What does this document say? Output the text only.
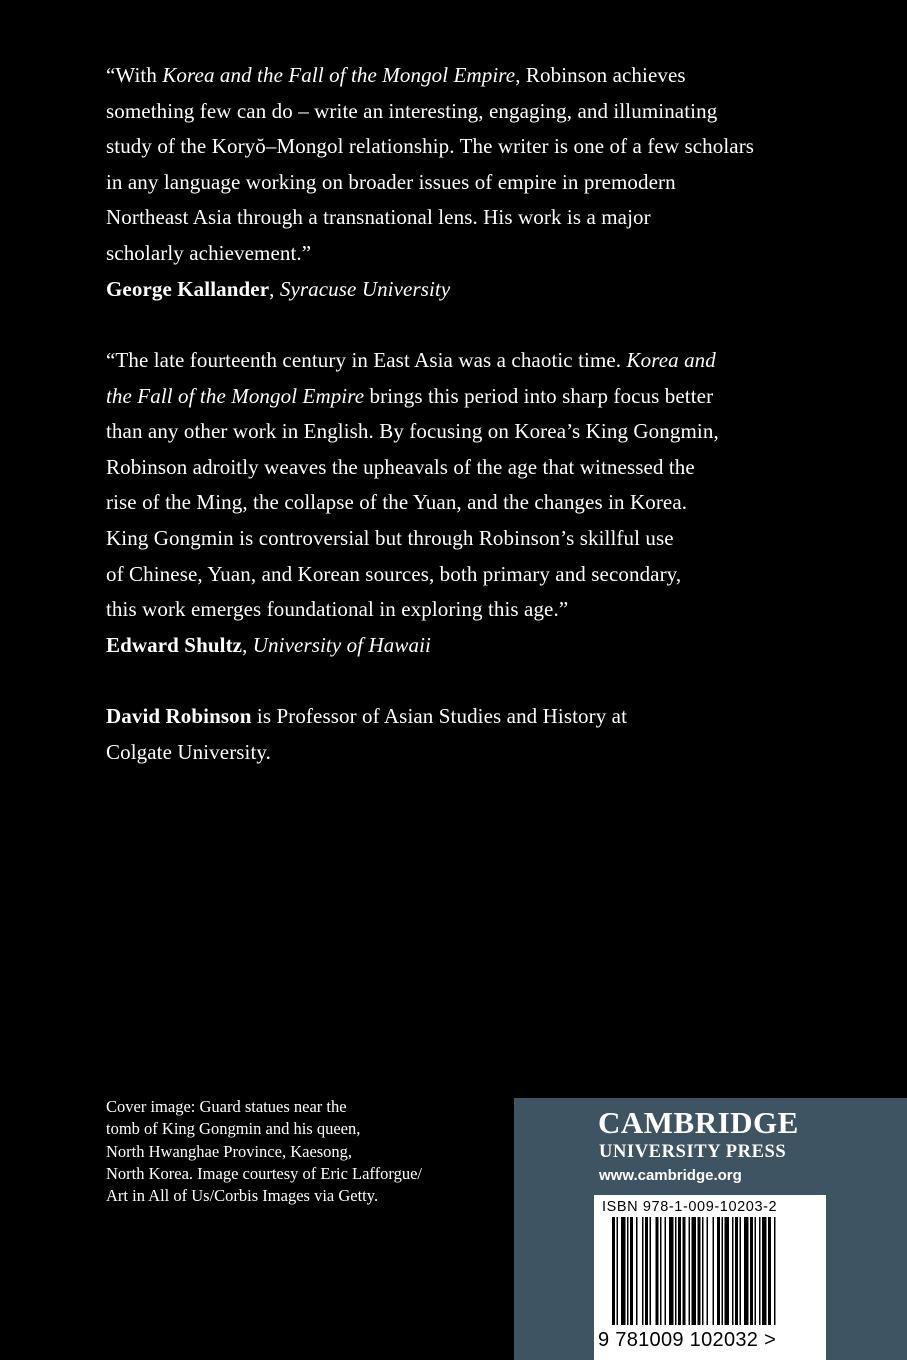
“With Korea and the Fall of the Mongol Empire, Robinson achieves
something few can do – write an interesting, engaging, and illuminating
study of the Koryŏ–Mongol relationship. The writer is one of a few scholars
in any language working on broader issues of empire in premodern
Northeast Asia through a transnational lens. His work is a major
scholarly achievement.”
George Kallander, Syracuse University

“The late fourteenth century in East Asia was a chaotic time. Korea and
the Fall of the Mongol Empire brings this period into sharp focus better
than any other work in English. By focusing on Korea’s King Gongmin,
Robinson adroitly weaves the upheavals of the age that witnessed the
rise of the Ming, the collapse of the Yuan, and the changes in Korea.
King Gongmin is controversial but through Robinson’s skillful use
of Chinese, Yuan, and Korean sources, both primary and secondary,
this work emerges foundational in exploring this age.”
Edward Shultz, University of Hawaii

David Robinson is Professor of Asian Studies and History at
Colgate University.

Cover image: Guard statues near the
tomb of King Gongmin and his queen,
North Hwanghae Province, Kaesong,
North Korea. Image courtesy of Eric Lafforgue/
Art in All of Us/Corbis Images via Getty.
CAMBRIDGE
UNIVERSITY PRESS
www.cambridge.org
ISBN 978-1-009-10203-2
9 781009 102032 >
